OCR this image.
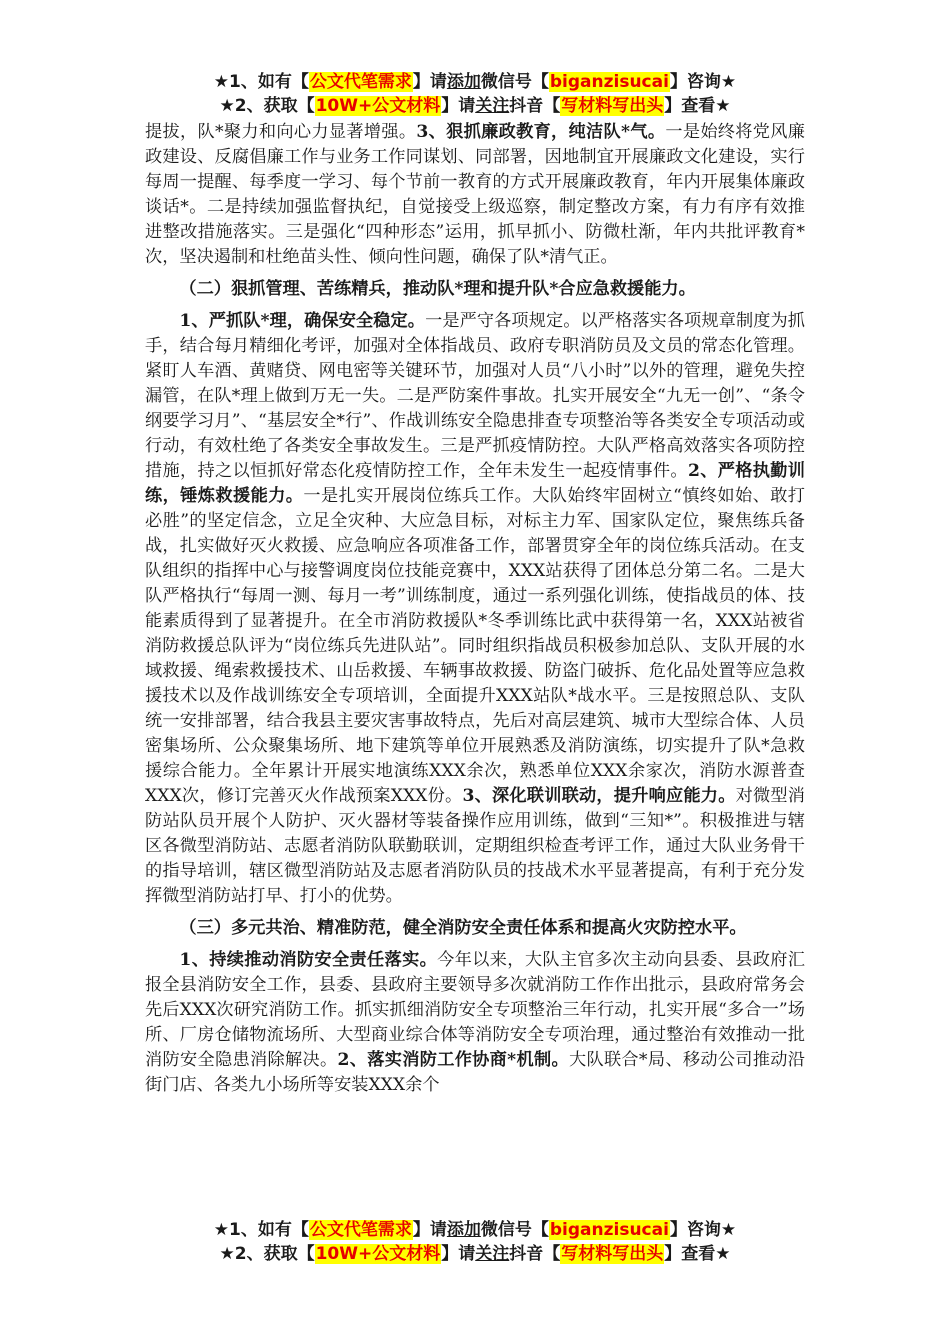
★1、如有【公文代笔需求】请添加微信号【biganzisucai】咨询★
★2、获取【10W+公文材料】请关注抖音【写材料写出头】查看★

提拔，队*聚力和向心力显著增强。3、狠抓廉政教育，纯洁队*气。一是始终将党风廉政建设、反腐倡廉工作与业务工作同谋划、同部署，因地制宜开展廉政文化建设，实行每周一提醒、每季度一学习、每个节前一教育的方式开展廉政教育，年内开展集体廉政谈话*。二是持续加强监督执纪，自觉接受上级巡察，制定整改方案，有力有序有效推进整改措施落实。三是强化“四种形态”运用，抓早抓小、防微杜渐，年内共批评教育*次，坚决遏制和杜绝苗头性、倾向性问题，确保了队*清气正。

（二）狠抓管理、苦练精兵，推动队*理和提升队*合应急救援能力。

1、严抓队*理，确保安全稳定。一是严守各项规定。以严格落实各项规章制度为抓手，结合每月精细化考评，加强对全体指战员、政府专职消防员及文员的常态化管理。紧盯人车酒、黄赌贷、网电密等关键环节，加强对人员“八小时”以外的管理，避免失控漏管，在队*理上做到万无一失。二是严防案件事故。扎实开展安全“九无一创”、“条令纲要学习月”、“基层安全*行”、作战训练安全隐患排查专项整治等各类安全专项活动或行动，有效杜绝了各类安全事故发生。三是严抓疫情防控。大队严格高效落实各项防控措施，持之以恒抓好常态化疫情防控工作，全年未发生一起疫情事件。2、严格执勤训练，锤炼救援能力。一是扎实开展岗位练兵工作。大队始终牢固树立“慎终如始、敢打必胜”的坚定信念，立足全灾种、大应急目标，对标主力军、国家队定位，聚焦练兵备战，扎实做好灭火救援、应急响应各项准备工作，部署贯穿全年的岗位练兵活动。在支队组织的指挥中心与接警调度岗位技能竞赛中，XXX站获得了团体总分第二名。二是大队严格执行“每周一测、每月一考”训练制度，通过一系列强化训练，使指战员的体、技能素质得到了显著提升。在全市消防救援队*冬季训练比武中获得第一名，XXX站被省消防救援总队评为“岗位练兵先进队站”。同时组织指战员积极参加总队、支队开展的水域救援、绳索救援技术、山岳救援、车辆事故救援、防盗门破拆、危化品处置等应急救援技术以及作战训练安全专项培训，全面提升XXX站队*战水平。三是按照总队、支队统一安排部署，结合我县主要灾害事故特点，先后对高层建筑、城市大型综合体、人员密集场所、公众聚集场所、地下建筑等单位开展熟悉及消防演练，切实提升了队*急救援综合能力。全年累计开展实地演练XXX余次，熟悉单位XXX余家次，消防水源普查XXX次，修订完善灭火作战预案XXX份。3、深化联训联动，提升响应能力。对微型消防站队员开展个人防护、灭火器材等装备操作应用训练，做到“三知*”。积极推进与辖区各微型消防站、志愿者消防队联勤联训，定期组织检查考评工作，通过大队业务骨干的指导培训，辖区微型消防站及志愿者消防队员的技战术水平显著提高，有利于充分发挥微型消防站打早、打小的优势。

（三）多元共治、精准防范，健全消防安全责任体系和提高火灾防控水平。

1、持续推动消防安全责任落实。今年以来，大队主官多次主动向县委、县政府汇报全县消防安全工作，县委、县政府主要领导多次就消防工作作出批示，县政府常务会先后XXX次研究消防工作。抓实抓细消防安全专项整治三年行动，扎实开展“多合一”场所、厂房仓储物流场所、大型商业综合体等消防安全专项治理，通过整治有效推动一批消防安全隐患消除解决。2、落实消防工作协商*机制。大队联合*局、移动公司推动沿街门店、各类九小场所等安装XXX余个

★1、如有【公文代笔需求】请添加微信号【biganzisucai】咨询★
★2、获取【10W+公文材料】请关注抖音【写材料写出头】查看★
